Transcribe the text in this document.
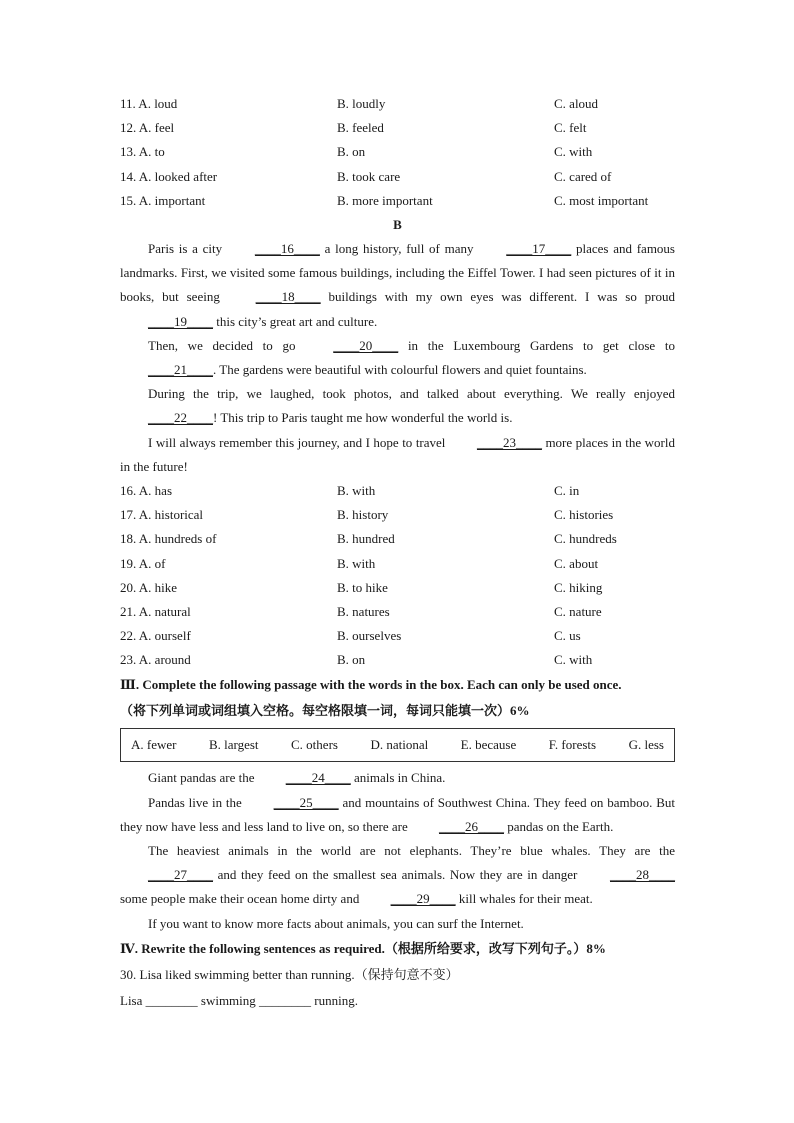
11. A. loud	B. loudly	C. aloud
12. A. feel	B. feeled	C. felt
13. A. to	B. on	C. with
14. A. looked after	B. took care	C. cared of
15. A. important	B. more important	C. most important
B

Paris is a city ____16____ a long history, full of many ____17____ places and famous landmarks. First, we visited some famous buildings, including the Eiffel Tower. I had seen pictures of it in books, but seeing ____18____ buildings with my own eyes was different. I was so proud ____19____ this city’s great art and culture.

Then, we decided to go ____20____ in the Luxembourg Gardens to get close to ____21____. The gardens were beautiful with colourful flowers and quiet fountains.

During the trip, we laughed, took photos, and talked about everything. We really enjoyed ____22____! This trip to Paris taught me how wonderful the world is.

I will always remember this journey, and I hope to travel ____23____ more places in the world in the future!

16. A. has	B. with	C. in
17. A. historical	B. history	C. histories
18. A. hundreds of	B. hundred	C. hundreds
19. A. of	B. with	C. about
20. A. hike	B. to hike	C. hiking
21. A. natural	B. natures	C. nature
22. A. ourself	B. ourselves	C. us
23. A. around	B. on	C. with

Ⅲ. Complete the following passage with the words in the box. Each can only be used once.

（将下列单词或词组填入空格。每空格限填一词，每词只能填一次）6%

A. fewer B. largest C. others D. national E. because F. forests G. less

Giant pandas are the ____24____ animals in China.

Pandas live in the ____25____ and mountains of Southwest China. They feed on bamboo. But they now have less and less land to live on, so there are ____26____ pandas on the Earth.

The heaviest animals in the world are not elephants. They’re blue whales. They are the ____27____ and they feed on the smallest sea animals. Now they are in danger ____28____ some people make their ocean home dirty and ____29____ kill whales for their meat.

If you want to know more facts about animals, you can surf the Internet.

Ⅳ. Rewrite the following sentences as required.（根据所给要求，改写下列句子。）8%

30. Lisa liked swimming better than running.（保持句意不变）

Lisa ________ swimming ________ running.
